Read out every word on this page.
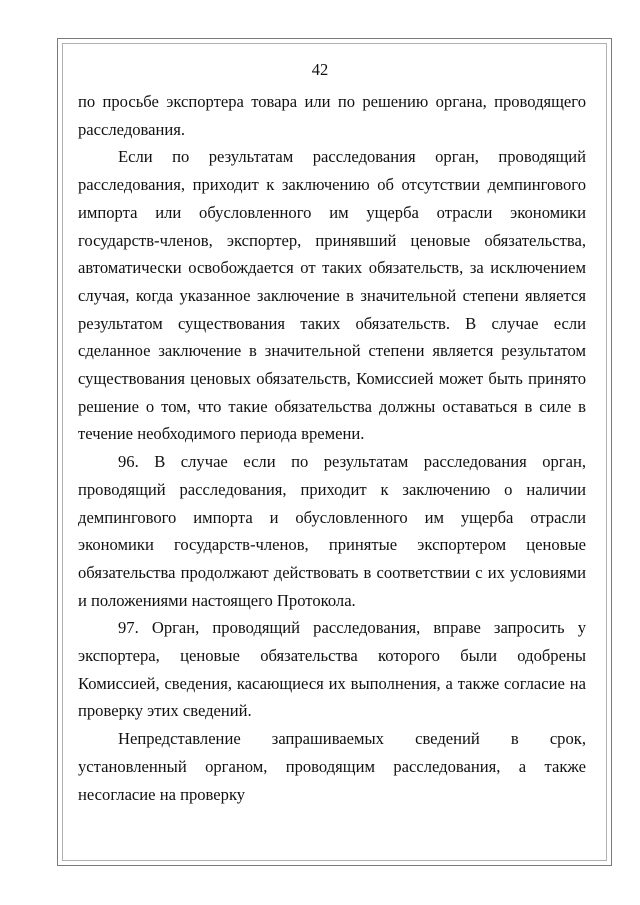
42

по просьбе экспортера товара или по решению органа, проводящего расследования.

Если по результатам расследования орган, проводящий расследования, приходит к заключению об отсутствии демпингового импорта или обусловленного им ущерба отрасли экономики государств-членов, экспортер, принявший ценовые обязательства, автоматически освобождается от таких обязательств, за исключением случая, когда указанное заключение в значительной степени является результатом существования таких обязательств. В случае если сделанное заключение в значительной степени является результатом существования ценовых обязательств, Комиссией может быть принято решение о том, что такие обязательства должны оставаться в силе в течение необходимого периода времени.

96. В случае если по результатам расследования орган, проводящий расследования, приходит к заключению о наличии демпингового импорта и обусловленного им ущерба отрасли экономики государств-членов, принятые экспортером ценовые обязательства продолжают действовать в соответствии с их условиями и положениями настоящего Протокола.

97. Орган, проводящий расследования, вправе запросить у экспортера, ценовые обязательства которого были одобрены Комиссией, сведения, касающиеся их выполнения, а также согласие на проверку этих сведений.

Непредставление запрашиваемых сведений в срок, установленный органом, проводящим расследования, а также несогласие на проверку
